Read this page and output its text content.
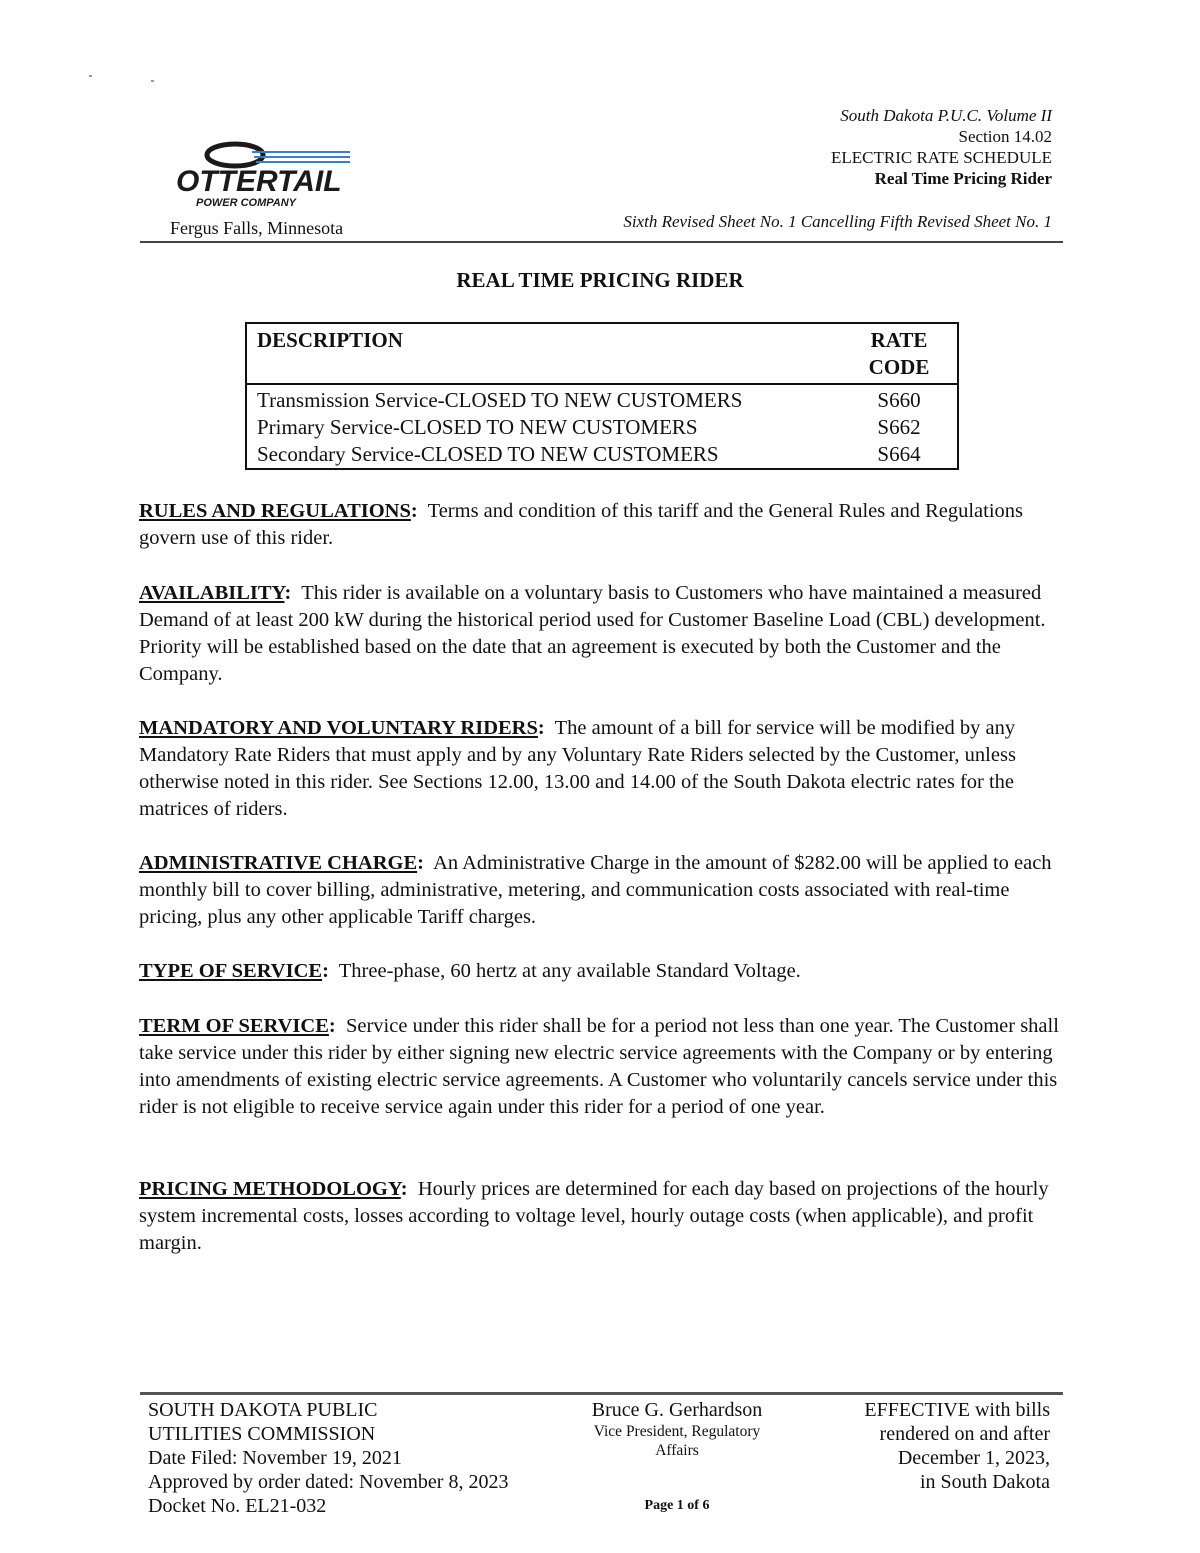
South Dakota P.U.C. Volume II
Section 14.02
ELECTRIC RATE SCHEDULE
Real Time Pricing Rider
OTTERTAIL
POWER COMPANY
Fergus Falls, Minnesota	Sixth Revised Sheet No. 1 Cancelling Fifth Revised Sheet No. 1
REAL TIME PRICING RIDER
DESCRIPTION	RATE CODE
Transmission Service-CLOSED TO NEW CUSTOMERS	S660
Primary Service-CLOSED TO NEW CUSTOMERS	S662
Secondary Service-CLOSED TO NEW CUSTOMERS	S664
RULES AND REGULATIONS: Terms and condition of this tariff and the General Rules and Regulations govern use of this rider.
AVAILABILITY: This rider is available on a voluntary basis to Customers who have maintained a measured Demand of at least 200 kW during the historical period used for Customer Baseline Load (CBL) development. Priority will be established based on the date that an agreement is executed by both the Customer and the Company.
MANDATORY AND VOLUNTARY RIDERS: The amount of a bill for service will be modified by any Mandatory Rate Riders that must apply and by any Voluntary Rate Riders selected by the Customer, unless otherwise noted in this rider. See Sections 12.00, 13.00 and 14.00 of the South Dakota electric rates for the matrices of riders.
ADMINISTRATIVE CHARGE: An Administrative Charge in the amount of $282.00 will be applied to each monthly bill to cover billing, administrative, metering, and communication costs associated with real-time pricing, plus any other applicable Tariff charges.
TYPE OF SERVICE: Three-phase, 60 hertz at any available Standard Voltage.
TERM OF SERVICE: Service under this rider shall be for a period not less than one year. The Customer shall take service under this rider by either signing new electric service agreements with the Company or by entering into amendments of existing electric service agreements. A Customer who voluntarily cancels service under this rider is not eligible to receive service again under this rider for a period of one year.
PRICING METHODOLOGY: Hourly prices are determined for each day based on projections of the hourly system incremental costs, losses according to voltage level, hourly outage costs (when applicable), and profit margin.
SOUTH DAKOTA PUBLIC
UTILITIES COMMISSION
Date Filed: November 19, 2021
Approved by order dated: November 8, 2023
Docket No. EL21-032
Bruce G. Gerhardson
Vice President, Regulatory
Affairs
EFFECTIVE with bills
rendered on and after
December 1, 2023,
in South Dakota
Page 1 of 6
